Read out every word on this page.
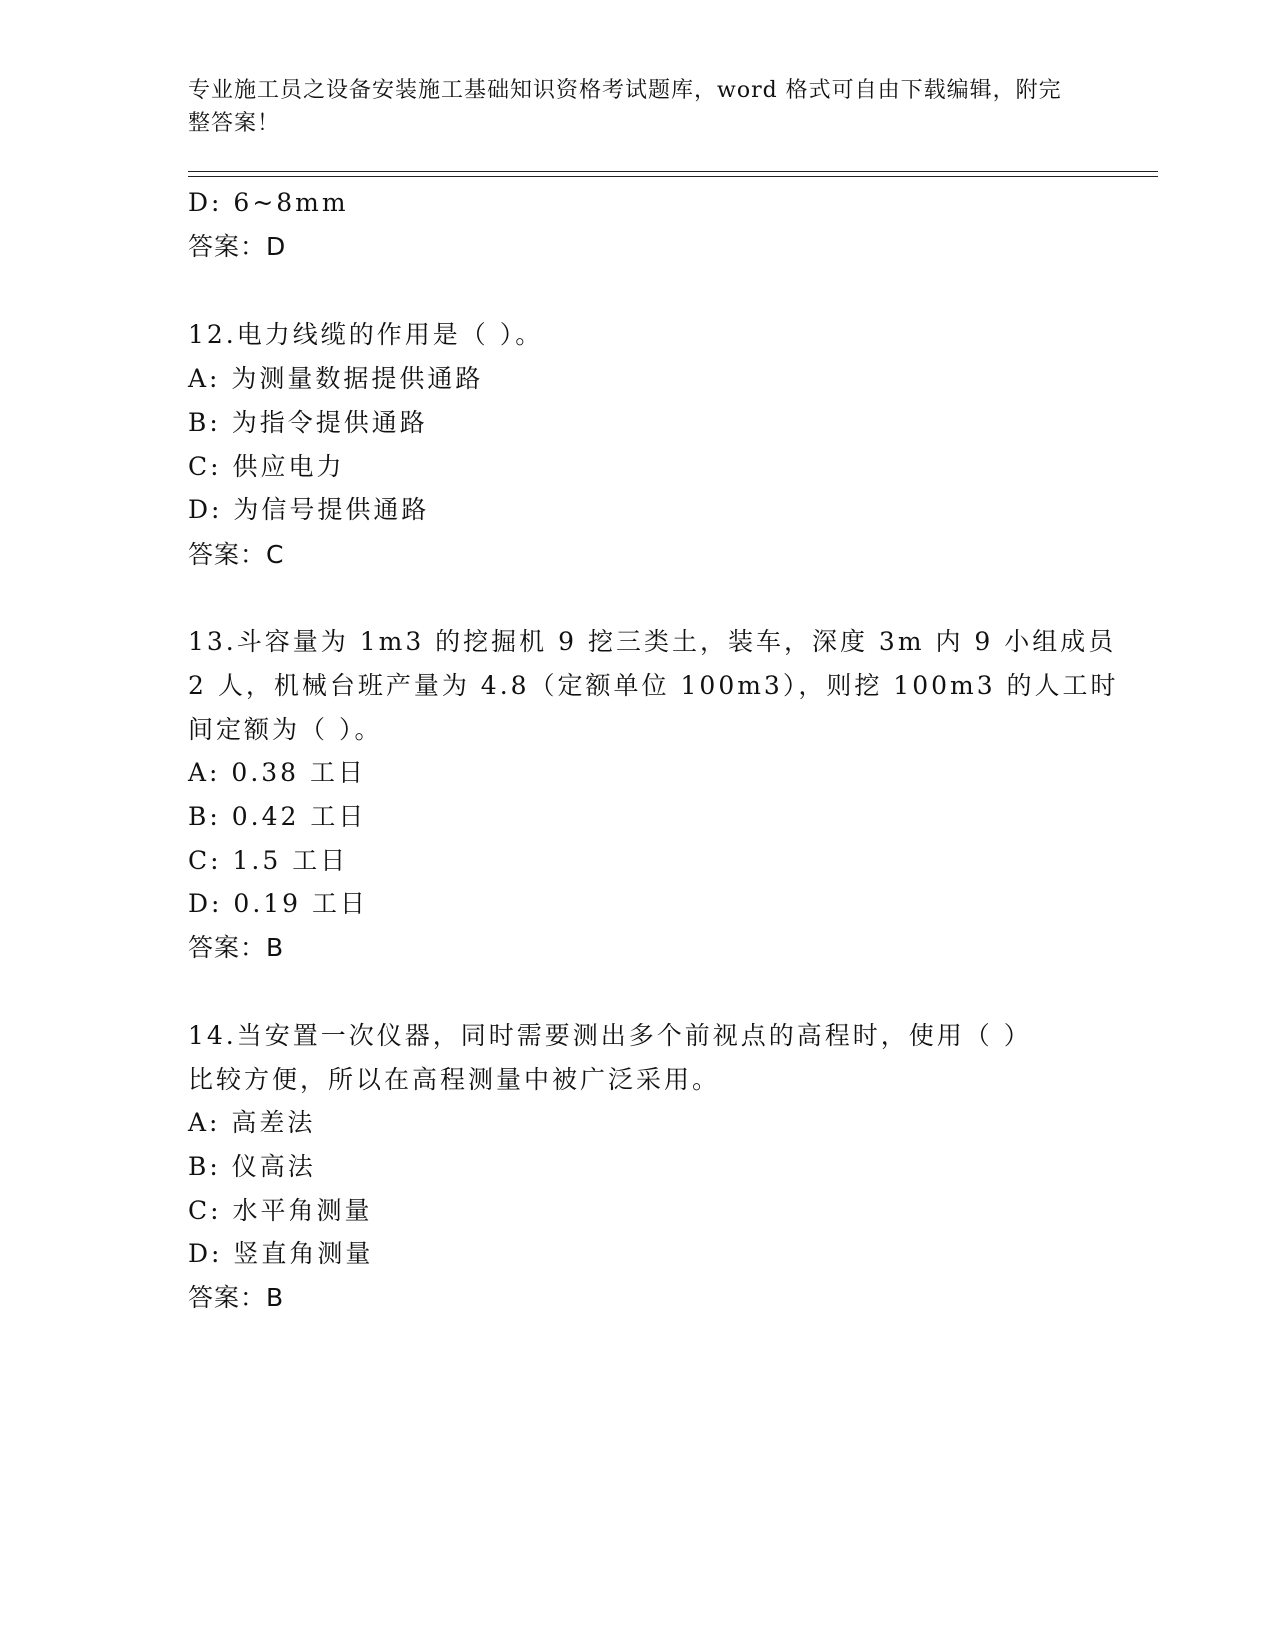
专业施工员之设备安装施工基础知识资格考试题库，word 格式可自由下载编辑，附完整答案！
D: 6~8mm
答案：D
12.电力线缆的作用是（ ）。
A: 为测量数据提供通路
B: 为指令提供通路
C: 供应电力
D: 为信号提供通路
答案：C
13.斗容量为 1m3 的挖掘机 9 挖三类土，装车，深度 3m 内 9 小组成员
2 人，机械台班产量为 4.8（定额单位 100m3），则挖 100m3 的人工时
间定额为（ ）。
A: 0.38 工日
B: 0.42 工日
C: 1.5 工日
D: 0.19 工日
答案：B
14.当安置一次仪器，同时需要测出多个前视点的高程时，使用（ ）
比较方便，所以在高程测量中被广泛采用。
A: 高差法
B: 仪高法
C: 水平角测量
D: 竖直角测量
答案：B
